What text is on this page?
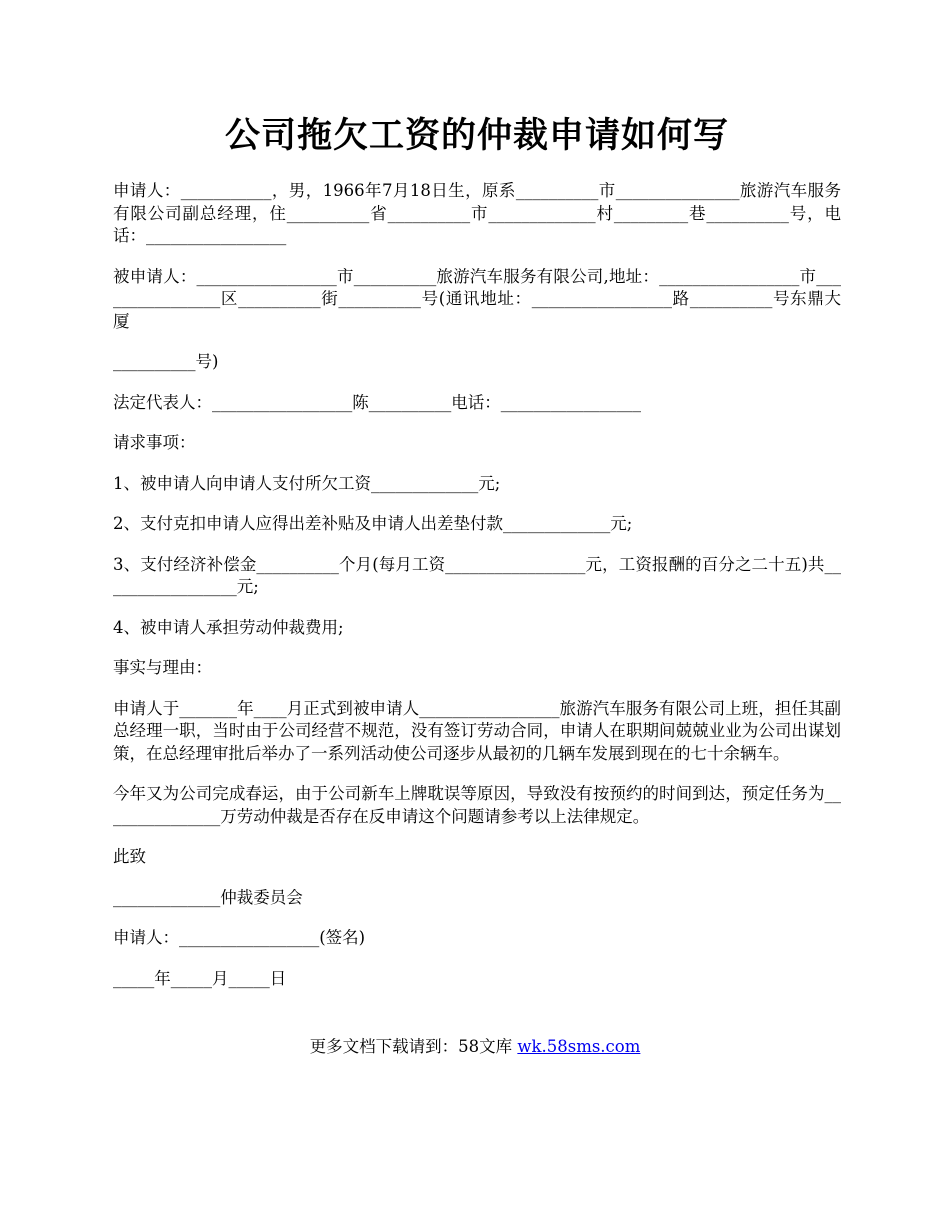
公司拖欠工资的仲裁申请如何写

申请人：___________，男，1966年7月18日生，原系__________市_______________旅游汽车服务有限公司副总经理，住__________省__________市_____________村_________巷__________号，电话：_________________

被申请人：_________________市__________旅游汽车服务有限公司,地址：_________________市________________区__________街__________号(通讯地址：_________________路__________号东鼎大厦

__________号)

法定代表人：_________________陈__________电话：_________________

请求事项：

1、被申请人向申请人支付所欠工资_____________元;

2、支付克扣申请人应得出差补贴及申请人出差垫付款_____________元;

3、支付经济补偿金__________个月(每月工资_________________元，工资报酬的百分之二十五)共_________________元;

4、被申请人承担劳动仲裁费用;

事实与理由：

申请人于_______年____月正式到被申请人_________________旅游汽车服务有限公司上班，担任其副总经理一职，当时由于公司经营不规范，没有签订劳动合同，申请人在职期间兢兢业业为公司出谋划策，在总经理审批后举办了一系列活动使公司逐步从最初的几辆车发展到现在的七十余辆车。

今年又为公司完成春运，由于公司新车上牌耽误等原因，导致没有按预约的时间到达，预定任务为_______________万劳动仲裁是否存在反申请这个问题请参考以上法律规定。

此致

_____________仲裁委员会

申请人：_________________(签名)

_____年_____月_____日

更多文档下载请到：58文库 wk.58sms.com
